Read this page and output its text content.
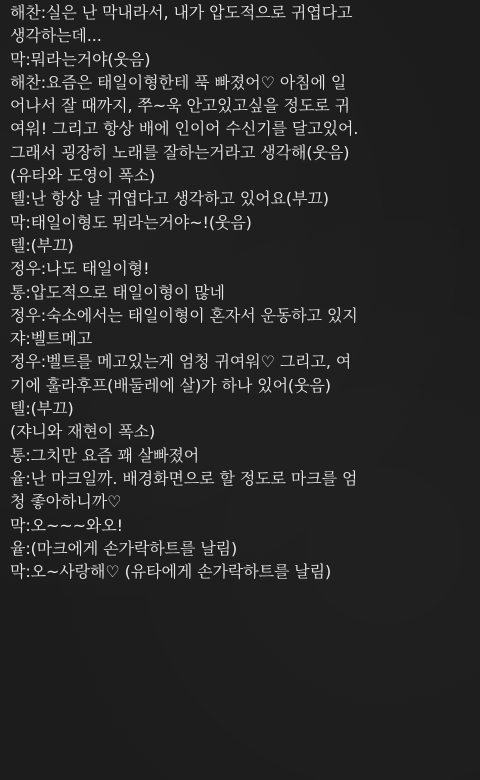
해찬:실은 난 막내라서, 내가 압도적으로 귀엽다고
생각하는데...
막:뭐라는거야(웃음)
해찬:요즘은 태일이형한테 푹 빠졌어♡ 아침에 일
어나서 잘 때까지, 쭈~욱 안고있고싶을 정도로 귀
여워! 그리고 항상 배에 인이어 수신기를 달고있어.
그래서 굉장히 노래를 잘하는거라고 생각해(웃음)
(유타와 도영이 폭소)
텔:난 항상 날 귀엽다고 생각하고 있어요(부끄)
막:태일이형도 뭐라는거야~!(웃음)
텔:(부끄)
정우:나도 태일이형!
통:압도적으로 태일이형이 많네
정우:숙소에서는 태일이형이 혼자서 운동하고 있지
쟈:벨트메고
정우:벨트를 메고있는게 엄청 귀여워♡ 그리고, 여
기에 훌라후프(배둘레에 살)가 하나 있어(웃음)
텔:(부끄)
(쟈니와 재현이 폭소)
통:그치만 요즘 꽤 살빠졌어
윹:난 마크일까. 배경화면으로 할 정도로 마크를 엄
청 좋아하니까♡
막:오~~~와오!
윹:(마크에게 손가락하트를 날림)
막:오~사랑해♡ (유타에게 손가락하트를 날림)
